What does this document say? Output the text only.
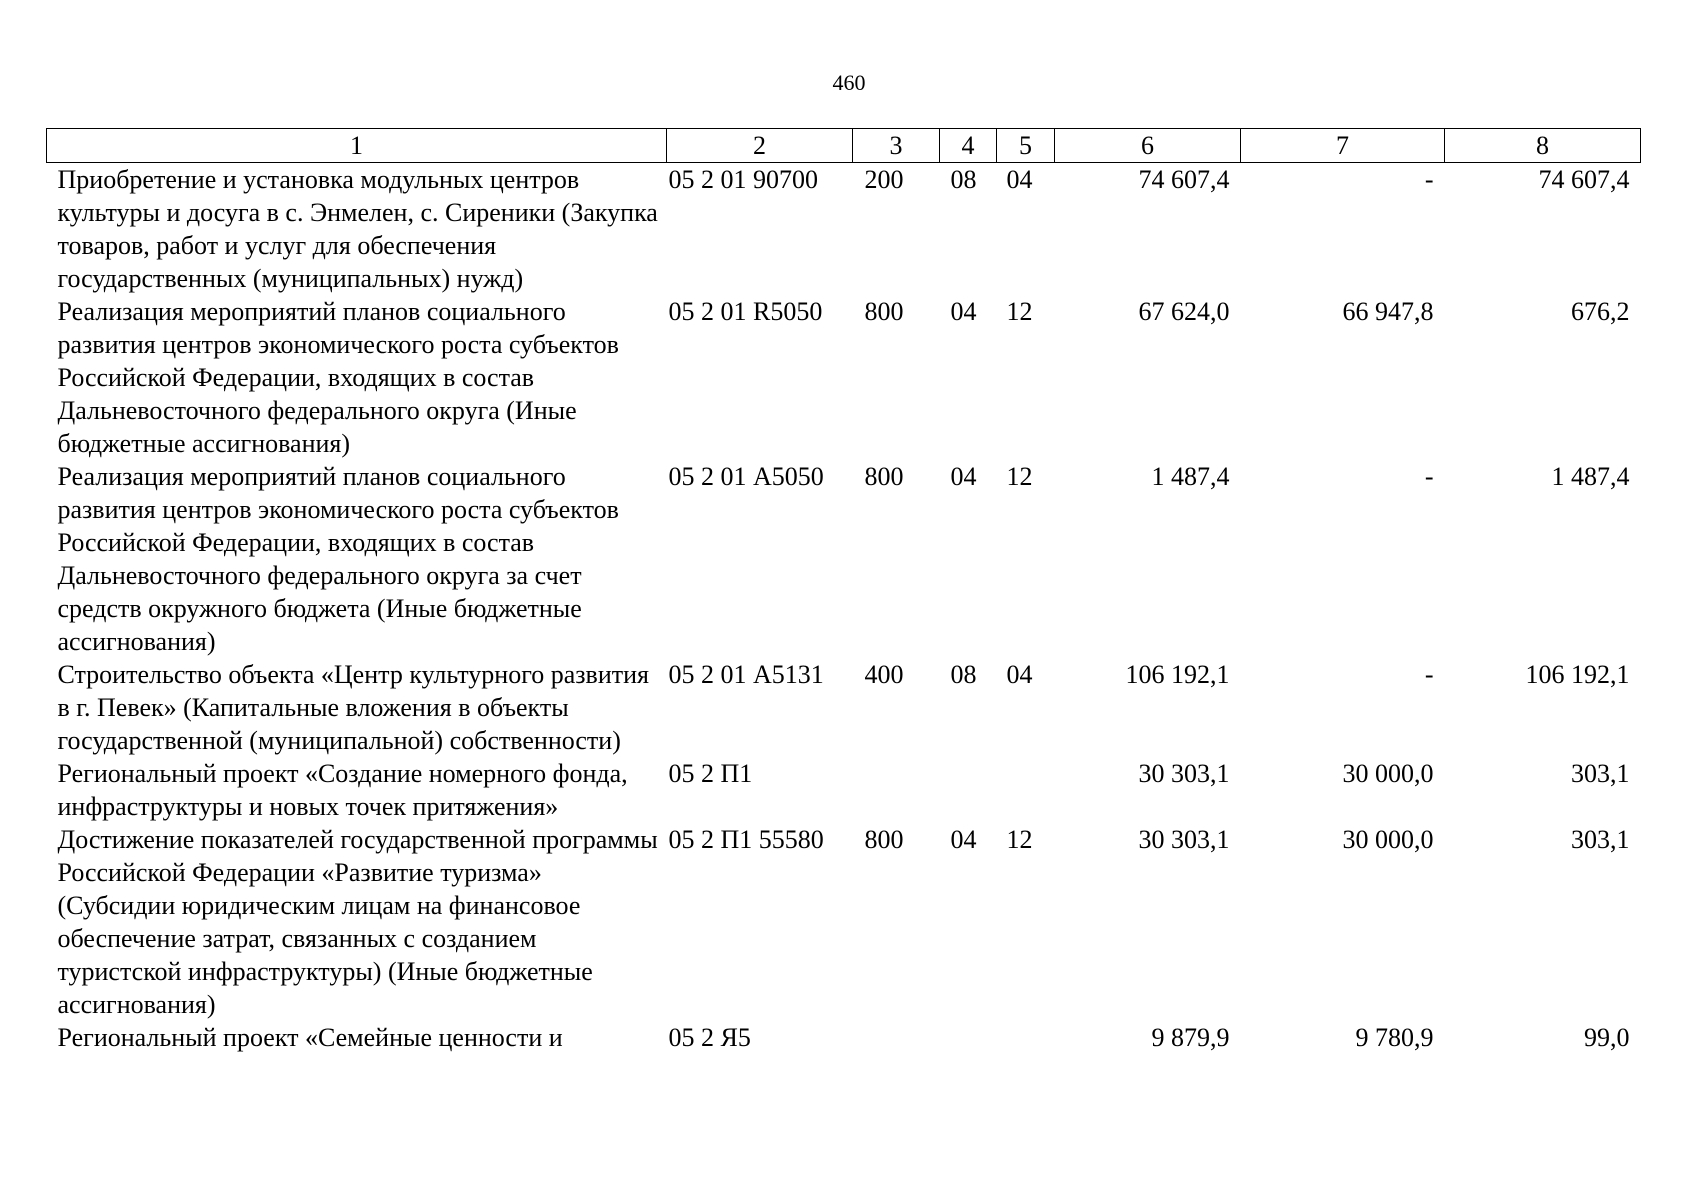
460
1	2	3	4	5	6	7	8
Приобретение и установка модульных центров культуры и досуга в с. Энмелен, с. Сиреники (Закупка товаров, работ и услуг для обеспечения государственных (муниципальных) нужд)	05 2 01 90700	200	08	04	74 607,4	-	74 607,4
Реализация мероприятий планов социального развития центров экономического роста субъектов Российской Федерации, входящих в состав Дальневосточного федерального округа (Иные бюджетные ассигнования)	05 2 01 R5050	800	04	12	67 624,0	66 947,8	676,2
Реализация мероприятий планов социального развития центров экономического роста субъектов Российской Федерации, входящих в состав Дальневосточного федерального округа за счет средств окружного бюджета (Иные бюджетные ассигнования)	05 2 01 А5050	800	04	12	1 487,4	-	1 487,4
Строительство объекта «Центр культурного развития в г. Певек» (Капитальные вложения в объекты государственной (муниципальной) собственности)	05 2 01 А5131	400	08	04	106 192,1	-	106 192,1
Региональный проект «Создание номерного фонда, инфраструктуры и новых точек притяжения»	05 2 П1				30 303,1	30 000,0	303,1
Достижение показателей государственной программы Российской Федерации «Развитие туризма» (Субсидии юридическим лицам на финансовое обеспечение затрат, связанных с созданием туристской инфраструктуры) (Иные бюджетные ассигнования)	05 2 П1 55580	800	04	12	30 303,1	30 000,0	303,1
Региональный проект «Семейные ценности и	05 2 Я5				9 879,9	9 780,9	99,0
